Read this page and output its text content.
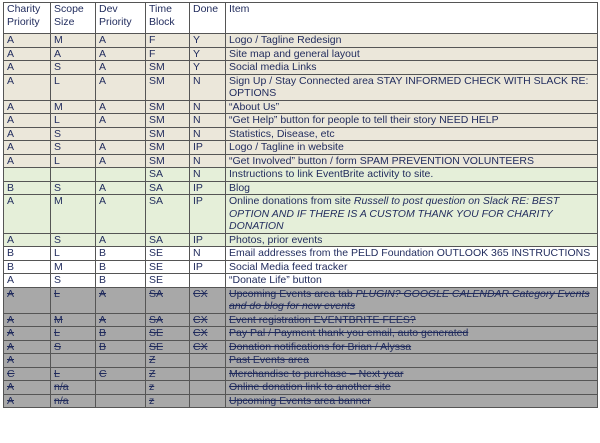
Charity Priority	Scope Size	Dev Priority	Time Block	Done	Item
A	M	A	F	Y	Logo / Tagline Redesign
A	A	A	F	Y	Site map and general layout
A	S	A	SM	Y	Social media Links
A	L	A	SM	N	Sign Up / Stay Connected area STAY INFORMED CHECK WITH SLACK RE: OPTIONS
A	M	A	SM	N	“About Us”
A	L	A	SM	N	“Get Help” button for people to tell their story NEED HELP
A	S		SM	N	Statistics, Disease, etc
A	S	A	SM	IP	Logo / Tagline in website
A	L	A	SM	N	“Get Involved” button / form SPAM PREVENTION VOLUNTEERS
			SA	N	Instructions to link EventBrite activity to site.
B	S	A	SA	IP	Blog
A	M	A	SA	IP	Online donations from site Russell to post question on Slack RE: BEST OPTION AND IF THERE IS A CUSTOM THANK YOU FOR CHARITY DONATION
A	S	A	SA	IP	Photos, prior events
B	L	B	SE	N	Email addresses from the PELD Foundation OUTLOOK 365 INSTRUCTIONS
B	M	B	SE	IP	Social Media feed tracker
A	S	B	SE		“Donate Life” button
A	L	A	SA	CX	Upcoming Events area tab PLUGIN? GOOGLE CALENDAR Category Events and do blog for new events
A	M	A	SA	CX	Event registration EVENTBRITE FEES?
A	L	B	SE	CX	Pay Pal / Payment thank you email, auto generated
A	S	B	SE	CX	Donation notifications for Brian / Alyssa
A			Z		Past Events area
C	L	C	Z		Merchandise to purchase – Next year
A	n/a		z		Online donation link to another site
A	n/a		z		Upcoming Events area banner
